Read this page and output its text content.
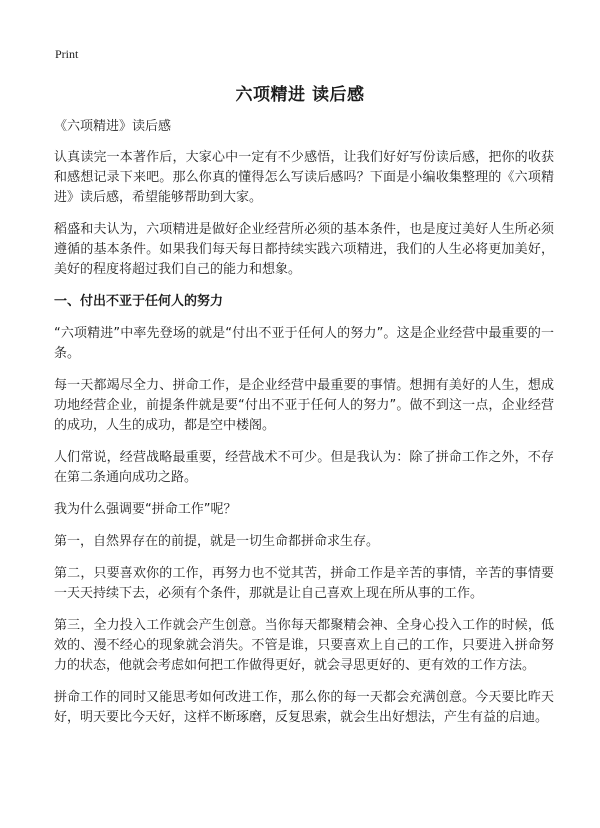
Print
六项精进 读后感

《六项精进》读后感

认真读完一本著作后，大家心中一定有不少感悟，让我们好好写份读后感，把你的收获和感想记录下来吧。那么你真的懂得怎么写读后感吗？下面是小编收集整理的《六项精进》读后感，希望能够帮助到大家。

稻盛和夫认为，六项精进是做好企业经营所必须的基本条件，也是度过美好人生所必须遵循的基本条件。如果我们每天每日都持续实践六项精进，我们的人生必将更加美好，美好的程度将超过我们自己的能力和想象。

一、付出不亚于任何人的努力

“六项精进”中率先登场的就是“付出不亚于任何人的努力”。这是企业经营中最重要的一条。

每一天都竭尽全力、拼命工作，是企业经营中最重要的事情。想拥有美好的人生，想成功地经营企业，前提条件就是要“付出不亚于任何人的努力”。做不到这一点，企业经营的成功，人生的成功，都是空中楼阁。

人们常说，经营战略最重要，经营战术不可少。但是我认为：除了拼命工作之外，不存在第二条通向成功之路。

我为什么强调要“拼命工作”呢？

第一，自然界存在的前提，就是一切生命都拼命求生存。

第二，只要喜欢你的工作，再努力也不觉其苦，拼命工作是辛苦的事情，辛苦的事情要一天天持续下去，必须有个条件，那就是让自己喜欢上现在所从事的工作。

第三，全力投入工作就会产生创意。当你每天都聚精会神、全身心投入工作的时候，低效的、漫不经心的现象就会消失。不管是谁，只要喜欢上自己的工作，只要进入拼命努力的状态，他就会考虑如何把工作做得更好，就会寻思更好的、更有效的工作方法。

拼命工作的同时又能思考如何改进工作，那么你的每一天都会充满创意。今天要比昨天好，明天要比今天好，这样不断琢磨，反复思索，就会生出好想法，产生有益的启迪。
